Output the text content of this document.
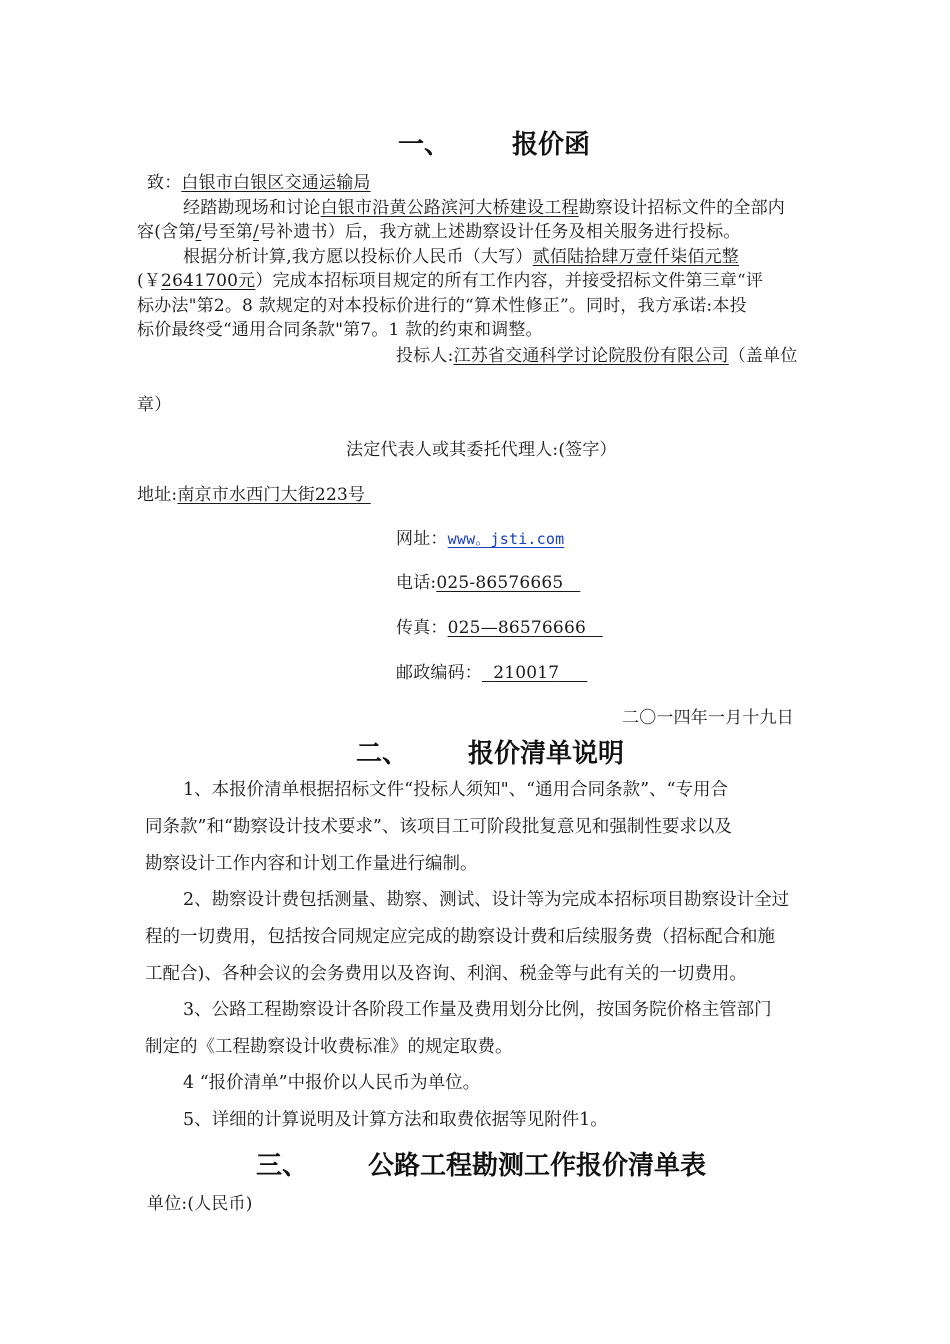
一、 报价函
致：白银市白银区交通运输局
经踏勘现场和讨论白银市沿黄公路滨河大桥建设工程勘察设计招标文件的全部内
容(含第/号至第/号补遗书）后，我方就上述勘察设计任务及相关服务进行投标。
根据分析计算,我方愿以投标价人民币（大写）贰佰陆拾肆万壹仟柒佰元整
(￥2641700元）完成本招标项目规定的所有工作内容，并接受招标文件第三章“评
标办法"第2。8 款规定的对本投标价进行的“算术性修正”。同时，我方承诺:本投
标价最终受“通用合同条款"第7。1 款的约束和调整。
投标人:江苏省交通科学讨论院股份有限公司（盖单位
章）
法定代表人或其委托代理人:(签字）
地址:南京市水西门大街223号
网址：www。jsti.com
电话:025-86576665
传真：025—86576666
邮政编码： 210017
二〇一四年一月十九日
二、 报价清单说明
1、本报价清单根据招标文件“投标人须知"、“通用合同条款”、“专用合
同条款”和“勘察设计技术要求”、该项目工可阶段批复意见和强制性要求以及
勘察设计工作内容和计划工作量进行编制。
2、勘察设计费包括测量、勘察、测试、设计等为完成本招标项目勘察设计全过
程的一切费用，包括按合同规定应完成的勘察设计费和后续服务费（招标配合和施
工配合)、各种会议的会务费用以及咨询、利润、税金等与此有关的一切费用。
3、公路工程勘察设计各阶段工作量及费用划分比例，按国务院价格主管部门
制定的《工程勘察设计收费标准》的规定取费。
4 “报价清单”中报价以人民币为单位。
5、详细的计算说明及计算方法和取费依据等见附件1。
三、 公路工程勘测工作报价清单表
单位:(人民币)
